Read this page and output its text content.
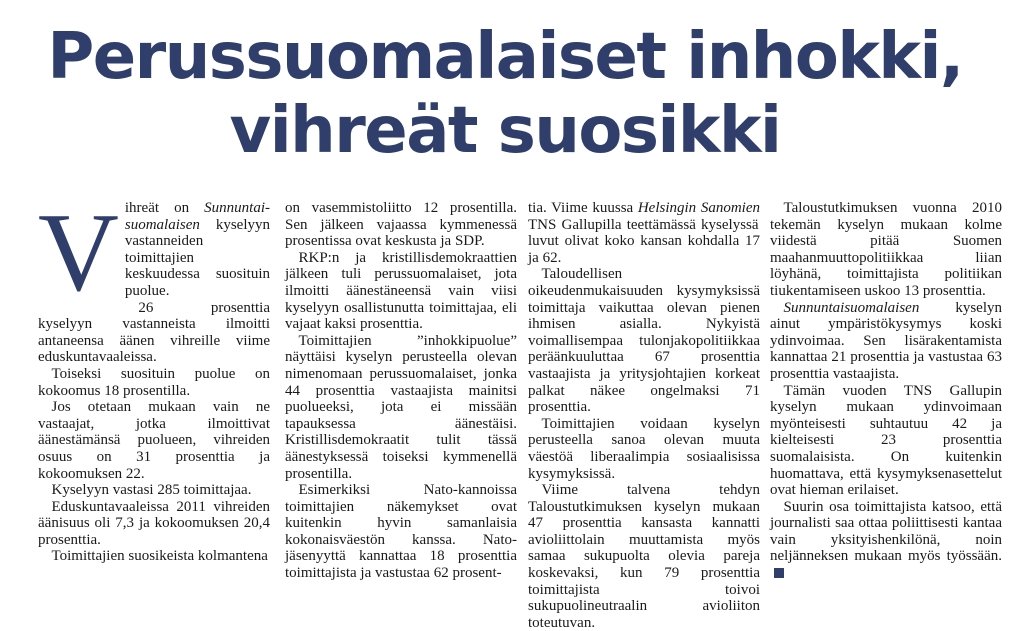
Perussuomalaiset inhokki,
vihreät suosikki

Vihreät on Sunnuntaisuomalaisen kyselyyn vastanneiden toimittajien keskuudessa suosituin puolue.

26 prosenttia kyselyyn vastanneista ilmoitti antaneensa äänen vihreille viime eduskuntavaaleissa.

Toiseksi suosituin puolue on kokoomus 18 prosentilla.

Jos otetaan mukaan vain ne vastaajat, jotka ilmoittivat äänestämänsä puolueen, vihreiden osuus on 31 prosenttia ja kokoomuksen 22.

Kyselyyn vastasi 285 toimittajaa.

Eduskuntavaaleissa 2011 vihreiden äänisuus oli 7,3 ja kokoomuksen 20,4 prosenttia.

Toimittajien suosikeista kolmantena

on vasemmistoliitto 12 prosentilla. Sen jälkeen vajaassa kymmenessä prosentissa ovat keskusta ja SDP.

RKP:n ja kristillisdemokraattien jälkeen tuli perussuomalaiset, jota ilmoitti äänestäneensä vain viisi kyselyyn osallistunutta toimittajaa, eli vajaat kaksi prosenttia.

Toimittajien ”inhokkipuolue” näyttäisi kyselyn perusteella olevan nimenomaan perussuomalaiset, jonka 44 prosenttia vastaajista mainitsi puolueeksi, jota ei missään tapauksessa äänestäisi. Kristillisdemokraatit tulit tässä äänestyksessä toiseksi kymmenellä prosentilla.

Esimerkiksi Nato-kannoissa toimittajien näkemykset ovat kuitenkin hyvin samanlaisia kokonaisväestön kanssa. Nato-jäsenyyttä kannattaa 18 prosenttia toimittajista ja vastustaa 62 prosent-

tia. Viime kuussa Helsingin Sanomien TNS Gallupilla teettämässä kyselyssä luvut olivat koko kansan kohdalla 17 ja 62.

Taloudellisen oikeudenmukaisuuden kysymyksissä toimittaja vaikuttaa olevan pienen ihmisen asialla. Nykyistä voimallisempaa tulonjakopolitiikkaa peräänkuuluttaa 67 prosenttia vastaajista ja yritysjohtajien korkeat palkat näkee ongelmaksi 71 prosenttia.

Toimittajien voidaan kyselyn perusteella sanoa olevan muuta väestöä liberaalimpia sosiaalisissa kysymyksissä.

Viime talvena tehdyn Taloustutkimuksen kyselyn mukaan 47 prosenttia kansasta kannatti avioliittolain muuttamista myös samaa sukupuolta olevia pareja koskevaksi, kun 79 prosenttia toimittajista toivoi sukupuolineutraalin avioliiton toteutuvan.

Taloustutkimuksen vuonna 2010 tekemän kyselyn mukaan kolme viidestä pitää Suomen maahanmuuttopolitiikkaa liian löyhänä, toimittajista politiikan tiukentamiseen uskoo 13 prosenttia.

Sunnuntaisuomalaisen kyselyn ainut ympäristökysymys koski ydinvoimaa. Sen lisärakentamista kannattaa 21 prosenttia ja vastustaa 63 prosenttia vastaajista.

Tämän vuoden TNS Gallupin kyselyn mukaan ydinvoimaan myönteisesti suhtautuu 42 ja kielteisesti 23 prosenttia suomalaisista. On kuitenkin huomattava, että kysymyksenasettelut ovat hieman erilaiset.

Suurin osa toimittajista katsoo, että journalisti saa ottaa poliittisesti kantaa vain yksityishenkilönä, noin neljänneksen mukaan myös työssään.
